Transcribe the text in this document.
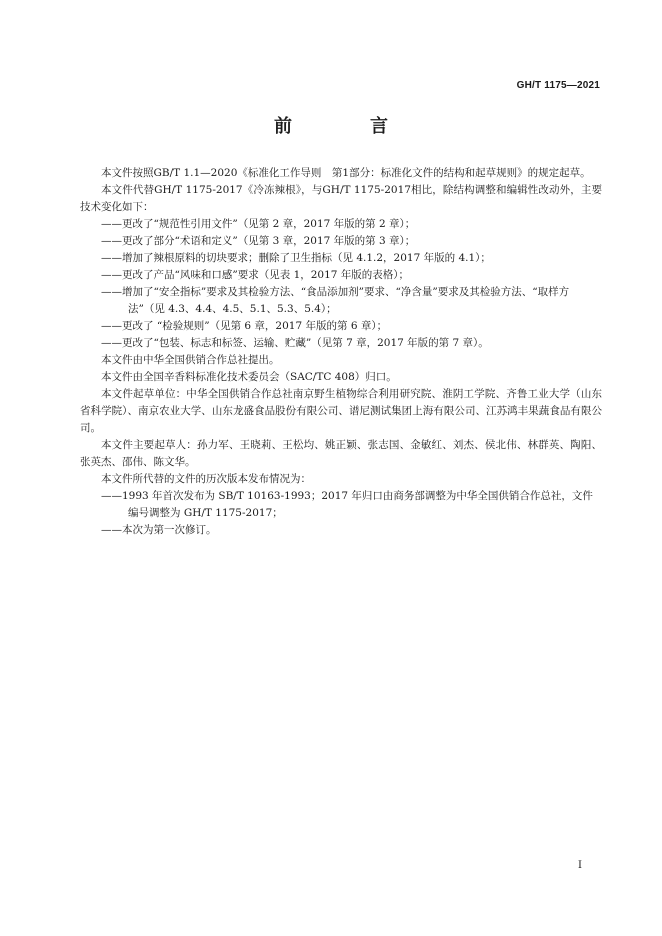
GH/T 1175—2021
前　言

本文件按照GB/T 1.1—2020《标准化工作导则　第1部分：标准化文件的结构和起草规则》的规定起草。

本文件代替GH/T 1175-2017《冷冻辣根》，与GH/T 1175-2017相比，除结构调整和编辑性改动外，主要技术变化如下：

——更改了“规范性引用文件”（见第 2 章，2017 年版的第 2 章）；

——更改了部分“术语和定义”（见第 3 章，2017 年版的第 3 章）；

——增加了辣根原料的切块要求；删除了卫生指标（见 4.1.2，2017 年版的 4.1）；

——更改了产品“风味和口感”要求（见表 1，2017 年版的表格）；

——增加了“安全指标”要求及其检验方法、“食品添加剂”要求、“净含量”要求及其检验方法、“取样方法”（见 4.3、4.4、4.5、5.1、5.3、5.4）；

——更改了 “检验规则”（见第 6 章，2017 年版的第 6 章）；

——更改了“包装、标志和标签、运输、贮藏”（见第 7 章，2017 年版的第 7 章）。

本文件由中华全国供销合作总社提出。

本文件由全国辛香料标准化技术委员会（SAC/TC 408）归口。

本文件起草单位：中华全国供销合作总社南京野生植物综合利用研究院、淮阴工学院、齐鲁工业大学（山东省科学院）、南京农业大学、山东龙盛食品股份有限公司、谱尼测试集团上海有限公司、江苏鸿丰果蔬食品有限公司。

本文件主要起草人：孙力军、王晓莉、王松均、姚正颖、张志国、金敏红、刘杰、侯北伟、林群英、陶阳、张英杰、邵伟、陈文华。

本文件所代替的文件的历次版本发布情况为：

——1993 年首次发布为 SB/T 10163-1993；2017 年归口由商务部调整为中华全国供销合作总社，文件编号调整为 GH/T 1175-2017；

——本次为第一次修订。

I
